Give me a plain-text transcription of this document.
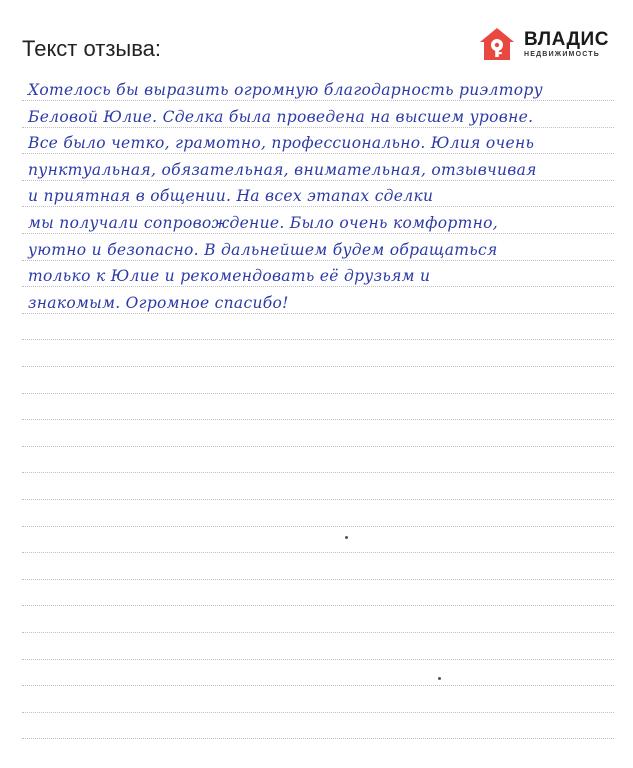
Текст отзыва:	ВЛАДИС
НЕДВИЖИМОСТЬ
Хотелось бы выразить огромную благодарность риэлтору
Беловой Юлие. Сделка была проведена на высшем уровне.
Все было четко, грамотно, профессионально. Юлия очень
пунктуальная, обязательная, внимательная, отзывчивая
и приятная в общении. На всех этапах сделки
мы получали сопровождение. Было очень комфортно,
уютно и безопасно. В дальнейшем будем обращаться
только к Юлие и рекомендовать её друзьям и
знакомым. Огромное спасибо!
